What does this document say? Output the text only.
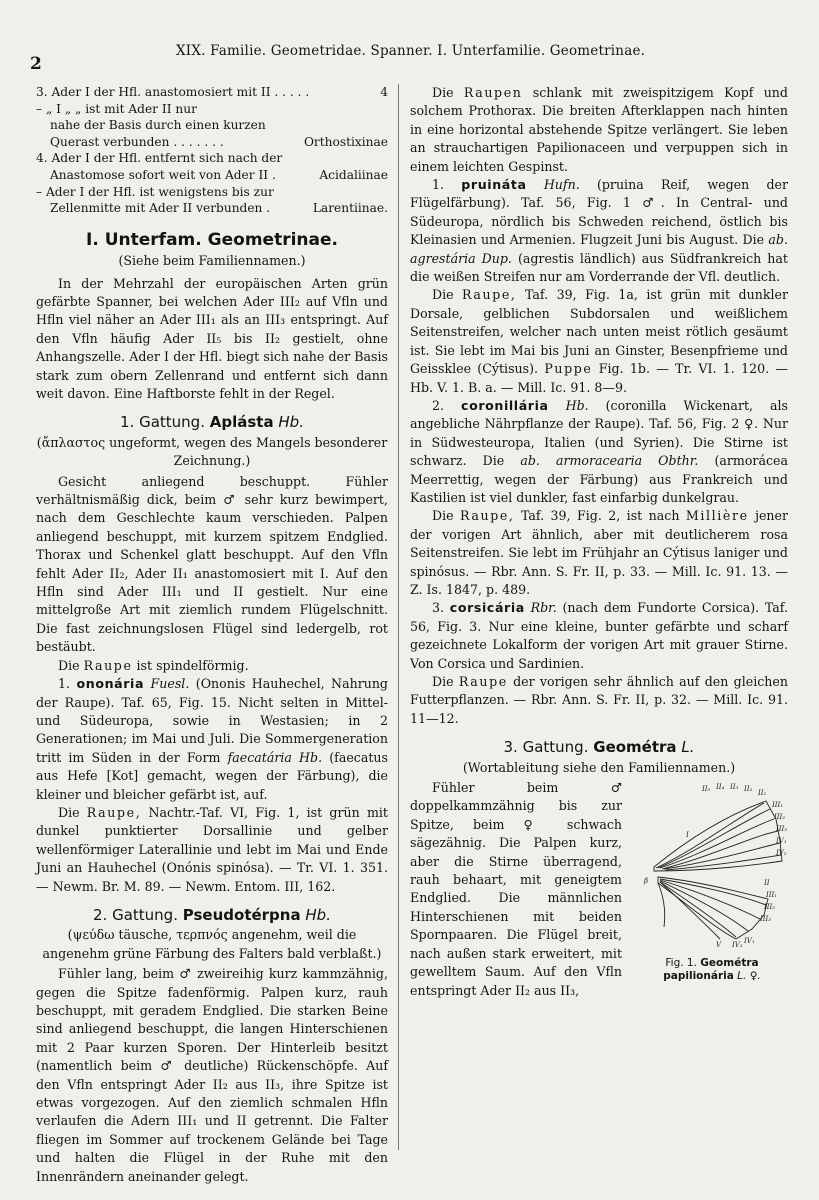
2
XIX. Familie. Geometridae. Spanner. I. Unterfamilie. Geometrinae.
3. Ader I der Hfl. anastomosiert mit II . . . . .	4
– „ I „ „ ist mit Ader II nur
nahe der Basis durch einen kurzen
Querast verbunden . . . . . . .	Orthostixinae
4. Ader I der Hfl. entfernt sich nach der
Anastomose sofort weit von Ader II .	Acidaliinae
– Ader I der Hfl. ist wenigstens bis zur
Zellenmitte mit Ader II verbunden .	Larentiinae.
I. Unterfam. Geometrinae.
(Siehe beim Familiennamen.)

In der Mehrzahl der europäischen Arten grün gefärbte Spanner, bei welchen Ader III₂ auf Vfln und Hfln viel näher an Ader III₁ als an III₃ entspringt. Auf den Vfln häufig Ader II₅ bis II₂ gestielt, ohne Anhangszelle. Ader I der Hfl. biegt sich nahe der Basis stark zum obern Zellenrand und entfernt sich dann weit davon. Eine Haftborste fehlt in der Regel.

1. Gattung. Aplásta Hb.
(ἄπλαστος ungeformt, wegen des Mangels besonderer Zeichnung.)

Gesicht anliegend beschuppt. Fühler verhältnismäßig dick, beim ♂ sehr kurz bewimpert, nach dem Geschlechte kaum verschieden. Palpen anliegend beschuppt, mit kurzem spitzem Endglied. Thorax und Schenkel glatt beschuppt. Auf den Vfln fehlt Ader II₂, Ader II₁ anastomosiert mit I. Auf den Hfln sind Ader III₁ und II gestielt. Nur eine mittelgroße Art mit ziemlich rundem Flügelschnitt. Die fast zeichnungslosen Flügel sind ledergelb, rot bestäubt.

Die Raupe ist spindelförmig.

1. ononária Fuesl. (Ononis Hauhechel, Nahrung der Raupe). Taf. 65, Fig. 15. Nicht selten in Mittel- und Südeuropa, sowie in Westasien; in 2 Generationen; im Mai und Juli. Die Sommergeneration tritt im Süden in der Form faecatária Hb. (faecatus aus Hefe [Kot] gemacht, wegen der Färbung), die kleiner und bleicher gefärbt ist, auf.

Die Raupe, Nachtr.-Taf. VI, Fig. 1, ist grün mit dunkel punktierter Dorsallinie und gelber wellenförmiger Laterallinie und lebt im Mai und Ende Juni an Hauhechel (Onónis spinósa). — Tr. VI. 1. 351. — Newm. Br. M. 89. — Newm. Entom. III, 162.

2. Gattung. Pseudotérpna Hb.
(ψεύδω täusche, τερπνός angenehm, weil die angenehm grüne Färbung des Falters bald verblaßt.)

Fühler lang, beim ♂ zweireihig kurz kammzähnig, gegen die Spitze fadenförmig. Palpen kurz, rauh beschuppt, mit geradem Endglied. Die starken Beine sind anliegend beschuppt, die langen Hinterschienen mit 2 Paar kurzen Sporen. Der Hinterleib besitzt (namentlich beim ♂ deutliche) Rückenschöpfe. Auf den Vfln entspringt Ader II₂ aus II₃, ihre Spitze ist etwas vorgezogen. Auf den ziemlich schmalen Hfln verlaufen die Adern III₁ und II getrennt. Die Falter fliegen im Sommer auf trockenem Gelände bei Tage und halten die Flügel in der Ruhe mit den Innenrändern aneinander gelegt.

Die Raupen schlank mit zweispitzigem Kopf und solchem Prothorax. Die breiten Afterklappen nach hinten in eine horizontal abstehende Spitze verlängert. Sie leben an strauchartigen Papilionaceen und verpuppen sich in einem leichten Gespinst.

1. pruináta Hufn. (pruina Reif, wegen der Flügelfärbung). Taf. 56, Fig. 1 ♂. In Central- und Südeuropa, nördlich bis Schweden reichend, östlich bis Kleinasien und Armenien. Flugzeit Juni bis August. Die ab. agrestária Dup. (agrestis ländlich) aus Südfrankreich hat die weißen Streifen nur am Vorderrande der Vfl. deutlich.

Die Raupe, Taf. 39, Fig. 1a, ist grün mit dunkler Dorsale, gelblichen Subdorsalen und weißlichem Seitenstreifen, welcher nach unten meist rötlich gesäumt ist. Sie lebt im Mai bis Juni an Ginster, Besenpfrieme und Geissklee (Cýtisus). Puppe Fig. 1b. — Tr. VI. 1. 120. — Hb. V. 1. B. a. — Mill. Ic. 91. 8—9.

2. coronillária Hb. (coronilla Wickenart, als angebliche Nährpflanze der Raupe). Taf. 56, Fig. 2 ♀. Nur in Südwesteuropa, Italien (und Syrien). Die Stirne ist schwarz. Die ab. armoracearia Obthr. (armorácea Meerrettig, wegen der Färbung) aus Frankreich und Kastilien ist viel dunkler, fast einfarbig dunkelgrau.

Die Raupe, Taf. 39, Fig. 2, ist nach Millière jener der vorigen Art ähnlich, aber mit deutlicherem rosa Seitenstreifen. Sie lebt im Frühjahr an Cýtisus laniger und spinósus. — Rbr. Ann. S. Fr. II, p. 33. — Mill. Ic. 91. 13. — Z. Is. 1847, p. 489.

3. corsicária Rbr. (nach dem Fundorte Corsica). Taf. 56, Fig. 3. Nur eine kleine, bunter gefärbte und scharf gezeichnete Lokalform der vorigen Art mit grauer Stirne. Von Corsica und Sardinien.

Die Raupe der vorigen sehr ähnlich auf den gleichen Futterpflanzen. — Rbr. Ann. S. Fr. II, p. 32. — Mill. Ic. 91. 11—12.

3. Gattung. Geométra L.
(Wortableitung siehe den Familiennamen.)

Fühler beim ♂ doppelkammzähnig bis zur Spitze, beim ♀ schwach sägezähnig. Die Palpen kurz, aber die Stirne überragend, rauh behaart, mit geneigtem Endglied. Die männlichen Hinterschienen mit beiden Spornpaaren. Die Flügel breit, nach außen stark erweitert, mit gewelltem Saum. Auf den Vfln entspringt Ader II₂ aus II₃,

II₅ II₄ II₃ II₂ II₁
III₁
III₂
III₃
IV₁
IV₂
I
II
III₁
III₂
III₃
IV₁
IV₂
V
β
Fig. 1. Geométra papilionária L. ♀.
